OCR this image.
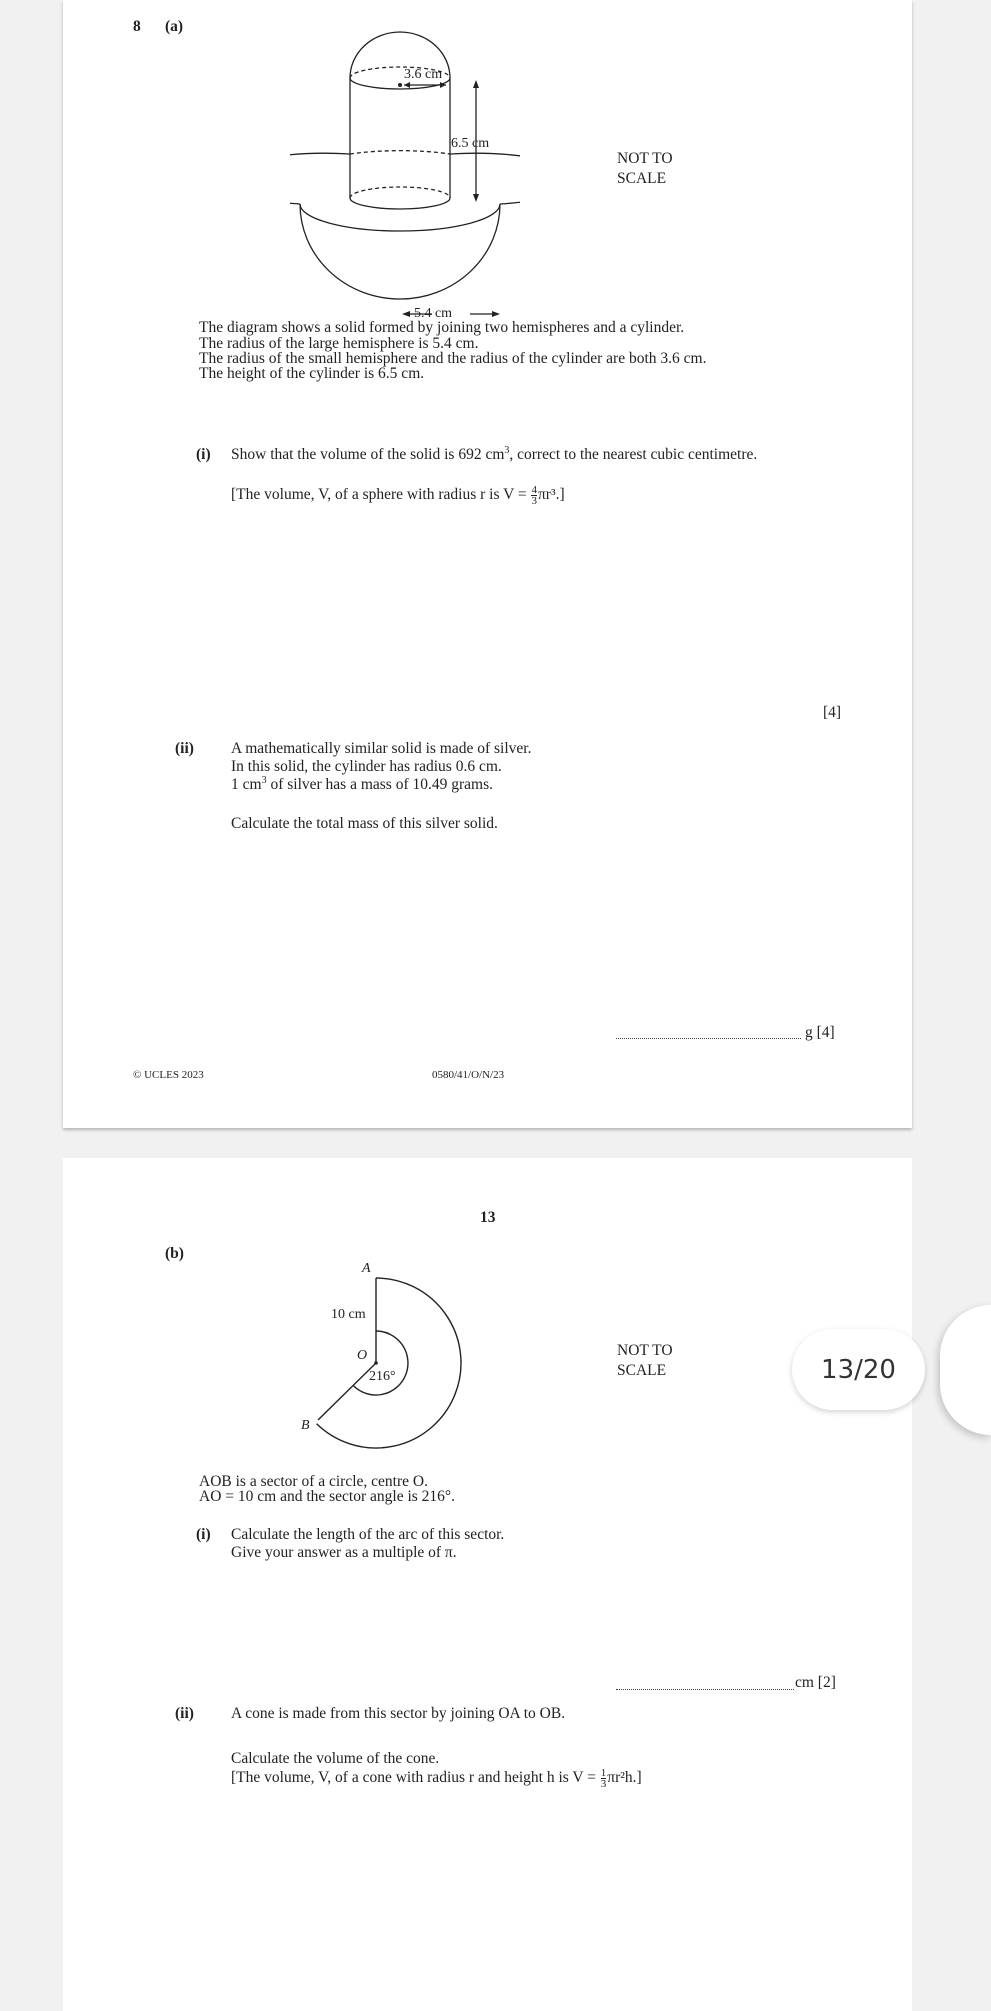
8 (a)
3.6 cm
6.5 cm
5.4 cm
NOT TO
SCALE
The diagram shows a solid formed by joining two hemispheres and a cylinder.
The radius of the large hemisphere is 5.4 cm.
The radius of the small hemisphere and the radius of the cylinder are both 3.6 cm.
The height of the cylinder is 6.5 cm.
(i) Show that the volume of the solid is 692 $cm^3$, correct to the nearest cubic centimetre.
[The volume, V, of a sphere with radius r is $V = \frac{4}{3} \pi r^3$.]
[4]
(ii) A mathematically similar solid is made of silver.
In this solid, the cylinder has radius 0.6 cm.
1 $cm^3$ of silver has a mass of 10.49 grams.
Calculate the total mass of this silver solid.
g [4]
© UCLES 2023	0580/41/O/N/23
13
(b)
A
10 cm
O
216°
B
NOT TO
SCALE
AOB is a sector of a circle, centre O.
AO = 10 cm and the sector angle is 216°.
(i) Calculate the length of the arc of this sector.
Give your answer as a multiple of π.
cm [2]
(ii) A cone is made from this sector by joining OA to OB.
Calculate the volume of the cone.
[The volume, V, of a cone with radius r and height h is $V = \frac{1}{3} \pi r^2h$.]
13/20
